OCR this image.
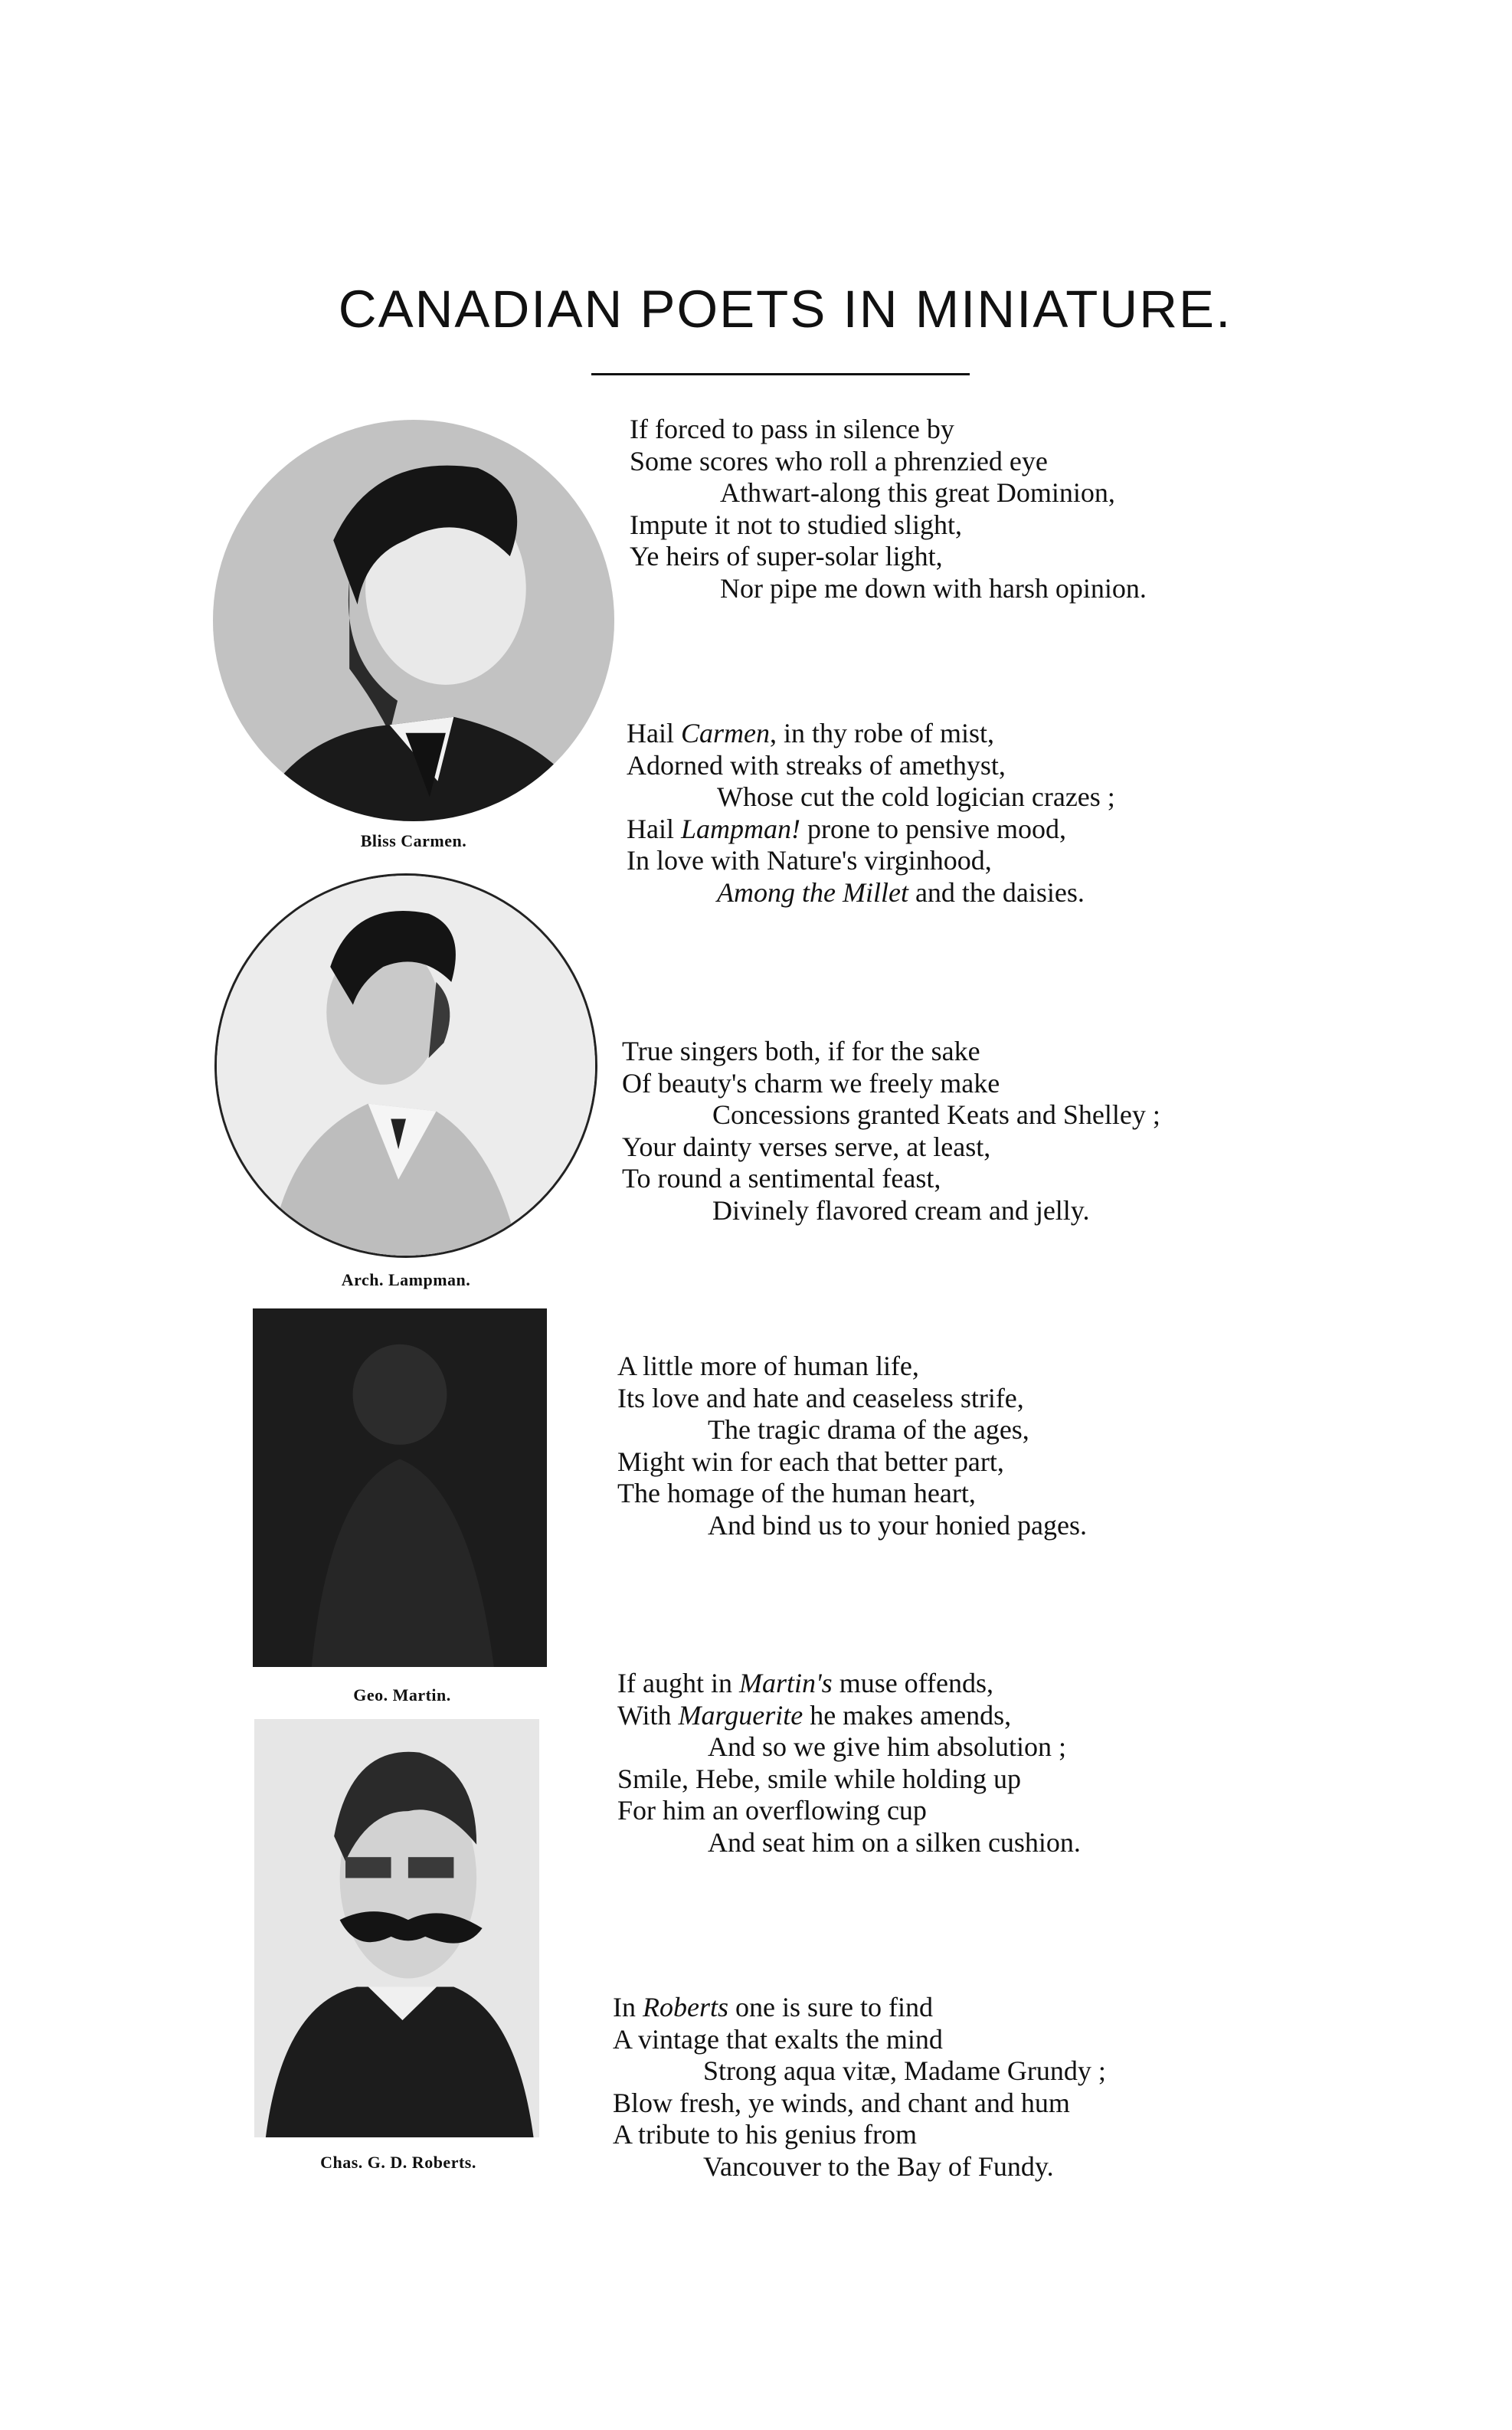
CANADIAN POETS IN MINIATURE.
Bliss Carmen.
Arch. Lampman.
Geo. Martin.
Chas. G. D. Roberts.
If forced to pass in silence by
Some scores who roll a phrenzied eye
Athwart-along this great Dominion,
Impute it not to studied slight,
Ye heirs of super-solar light,
Nor pipe me down with harsh opinion.
Hail Carmen, in thy robe of mist,
Adorned with streaks of amethyst,
Whose cut the cold logician crazes ;
Hail Lampman! prone to pensive mood,
In love with Nature's virginhood,
Among the Millet and the daisies.
True singers both, if for the sake
Of beauty's charm we freely make
Concessions granted Keats and Shelley ;
Your dainty verses serve, at least,
To round a sentimental feast,
Divinely flavored cream and jelly.
A little more of human life,
Its love and hate and ceaseless strife,
The tragic drama of the ages,
Might win for each that better part,
The homage of the human heart,
And bind us to your honied pages.
If aught in Martin's muse offends,
With Marguerite he makes amends,
And so we give him absolution ;
Smile, Hebe, smile while holding up
For him an overflowing cup
And seat him on a silken cushion.
In Roberts one is sure to find
A vintage that exalts the mind
Strong aqua vitæ, Madame Grundy ;
Blow fresh, ye winds, and chant and hum
A tribute to his genius from
Vancouver to the Bay of Fundy.
